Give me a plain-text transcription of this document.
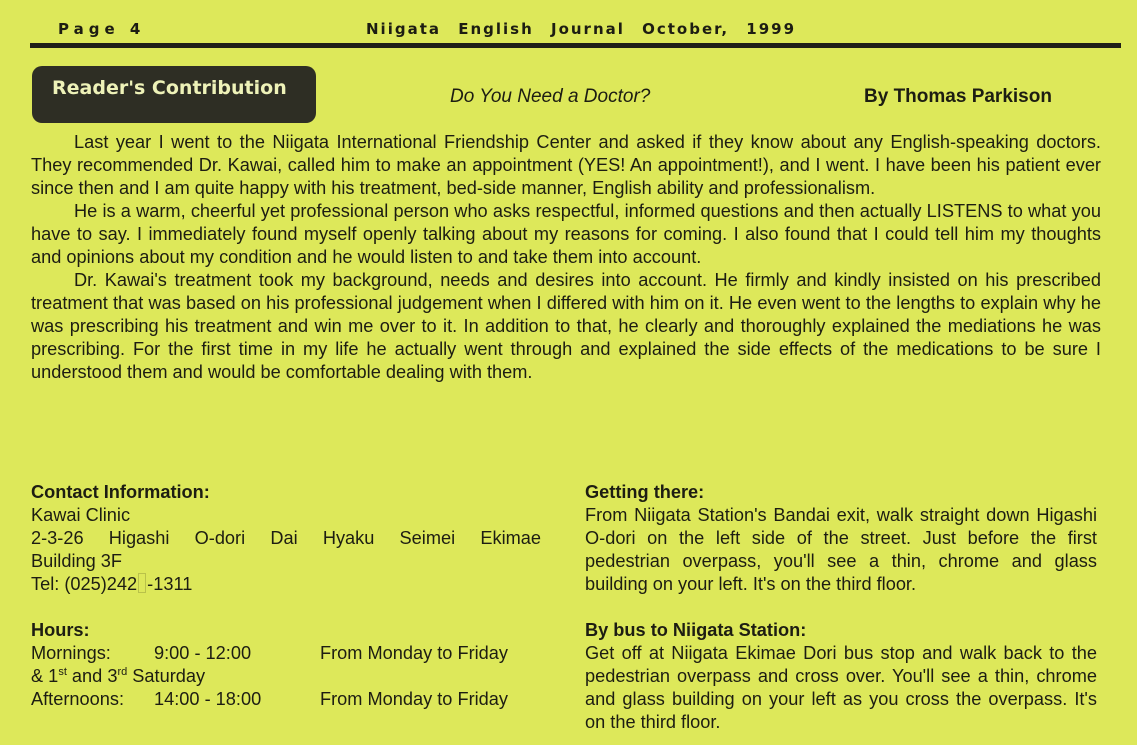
Page 4	Niigata English Journal October, 1999
Reader's Contribution	Do You Need a Doctor?	By Thomas Parkison

Last year I went to the Niigata International Friendship Center and asked if they know about any English-speaking doctors. They recommended Dr. Kawai, called him to make an appointment (YES! An appointment!), and I went. I have been his patient ever since then and I am quite happy with his treatment, bed-side manner, English ability and professionalism.

He is a warm, cheerful yet professional person who asks respectful, informed questions and then actually LISTENS to what you have to say. I immediately found myself openly talking about my reasons for coming. I also found that I could tell him my thoughts and opinions about my condition and he would listen to and take them into account.

Dr. Kawai's treatment took my background, needs and desires into account. He firmly and kindly insisted on his prescribed treatment that was based on his professional judgement when I differed with him on it. He even went to the lengths to explain why he was prescribing his treatment and win me over to it. In addition to that, he clearly and thoroughly explained the mediations he was prescribing. For the first time in my life he actually went through and explained the side effects of the medications to be sure I understood them and would be comfortable dealing with them.

Contact Information:
Kawai Clinic
2-3-26 Higashi O-dori Dai Hyaku Seimei Ekimae
Building 3F
Tel: (025)242 -1311
Hours:
Mornings: 9:00 - 12:00	From Monday to Friday
& 1st and 3rd Saturday
Afternoons: 14:00 - 18:00	From Monday to Friday
Getting there:
From Niigata Station's Bandai exit, walk straight down Higashi O-dori on the left side of the street. Just before the first pedestrian overpass, you'll see a thin, chrome and glass building on your left. It's on the third floor.
By bus to Niigata Station:
Get off at Niigata Ekimae Dori bus stop and walk back to the pedestrian overpass and cross over. You'll see a thin, chrome and glass building on your left as you cross the overpass. It's on the third floor.
